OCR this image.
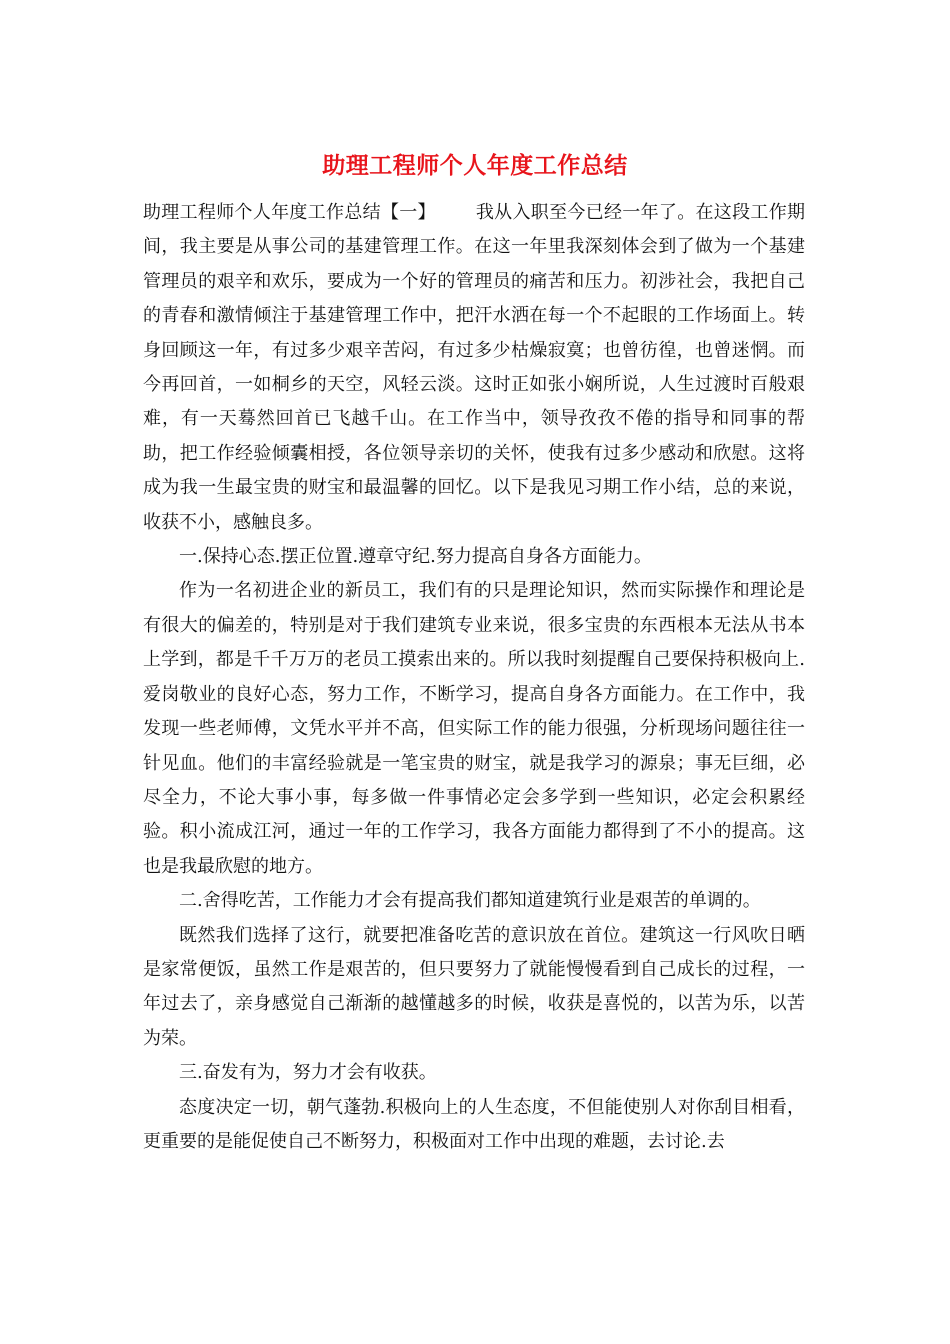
助理工程师个人年度工作总结

助理工程师个人年度工作总结【一】 我从入职至今已经一年了。在这段工作期间，我主要是从事公司的基建管理工作。在这一年里我深刻体会到了做为一个基建管理员的艰辛和欢乐，要成为一个好的管理员的痛苦和压力。初涉社会，我把自己的青春和激情倾注于基建管理工作中，把汗水洒在每一个不起眼的工作场面上。转身回顾这一年，有过多少艰辛苦闷，有过多少枯燥寂寞；也曾彷徨，也曾迷惘。而今再回首，一如桐乡的天空，风轻云淡。这时正如张小娴所说，人生过渡时百般艰难，有一天蓦然回首已飞越千山。在工作当中，领导孜孜不倦的指导和同事的帮助，把工作经验倾囊相授，各位领导亲切的关怀，使我有过多少感动和欣慰。这将成为我一生最宝贵的财宝和最温馨的回忆。以下是我见习期工作小结，总的来说，收获不小，感触良多。

一.保持心态.摆正位置.遵章守纪.努力提高自身各方面能力。

作为一名初进企业的新员工，我们有的只是理论知识，然而实际操作和理论是有很大的偏差的，特别是对于我们建筑专业来说，很多宝贵的东西根本无法从书本上学到，都是千千万万的老员工摸索出来的。所以我时刻提醒自己要保持积极向上.爱岗敬业的良好心态，努力工作，不断学习，提高自身各方面能力。在工作中，我发现一些老师傅，文凭水平并不高，但实际工作的能力很强，分析现场问题往往一针见血。他们的丰富经验就是一笔宝贵的财宝，就是我学习的源泉；事无巨细，必尽全力，不论大事小事，每多做一件事情必定会多学到一些知识，必定会积累经验。积小流成江河，通过一年的工作学习，我各方面能力都得到了不小的提高。这也是我最欣慰的地方。

二.舍得吃苦，工作能力才会有提高我们都知道建筑行业是艰苦的单调的。

既然我们选择了这行，就要把准备吃苦的意识放在首位。建筑这一行风吹日晒是家常便饭，虽然工作是艰苦的，但只要努力了就能慢慢看到自己成长的过程，一年过去了，亲身感觉自己渐渐的越懂越多的时候，收获是喜悦的，以苦为乐，以苦为荣。

三.奋发有为，努力才会有收获。

态度决定一切，朝气蓬勃.积极向上的人生态度，不但能使别人对你刮目相看，更重要的是能促使自己不断努力，积极面对工作中出现的难题，去讨论.去
